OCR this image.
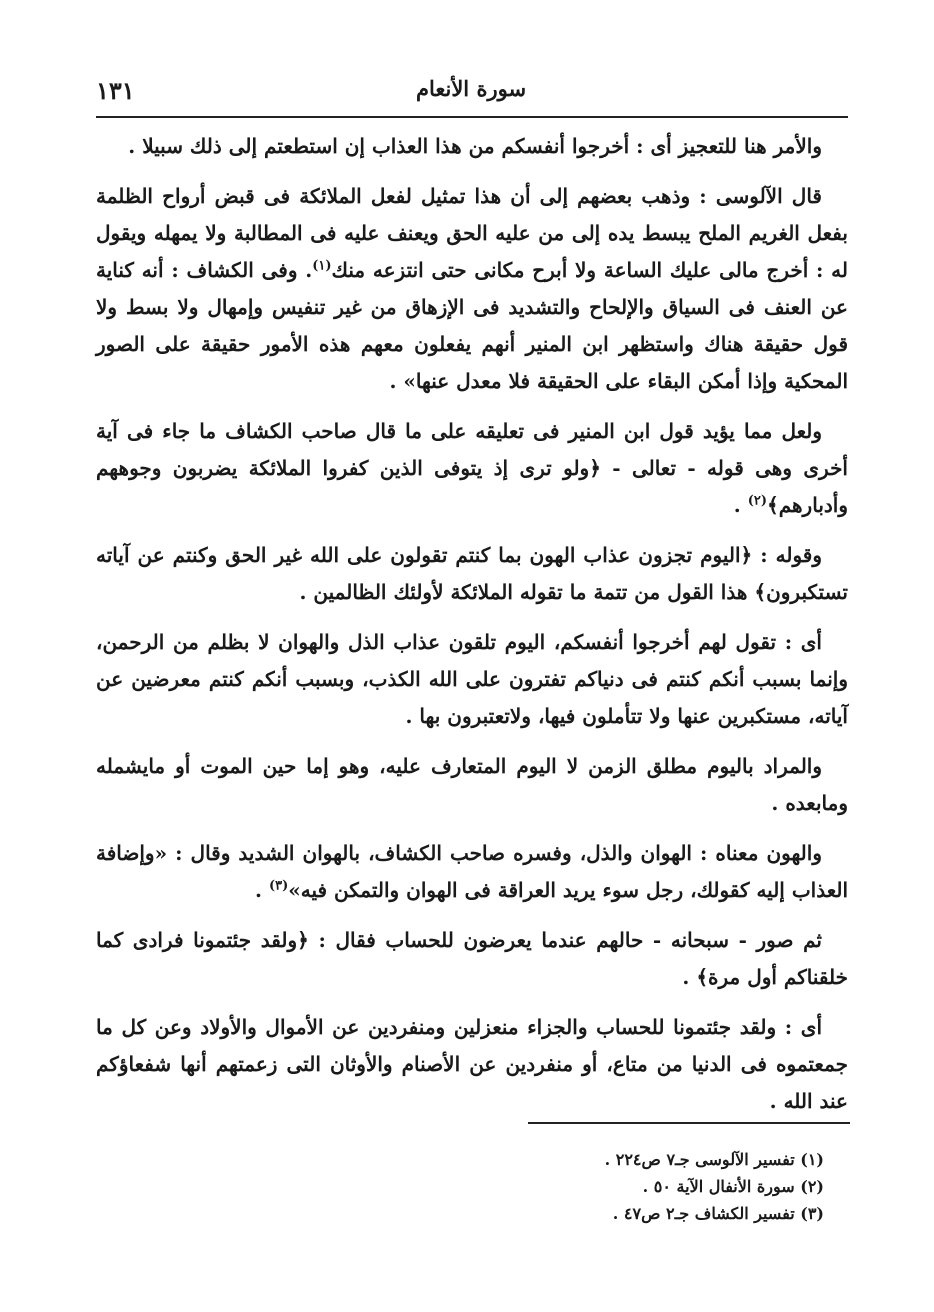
١٣١	سورة الأنعام

والأمر هنا للتعجيز أى : أخرجوا أنفسكم من هذا العذاب إن استطعتم إلى ذلك سبيلا .

قال الآلوسى : وذهب بعضهم إلى أن هذا تمثيل لفعل الملائكة فى قبض أرواح الظلمة بفعل الغريم الملح يبسط يده إلى من عليه الحق ويعنف عليه فى المطالبة ولا يمهله ويقول له : أخرج مالى عليك الساعة ولا أبرح مكانى حتى انتزعه منك$^{(١)}$. وفى الكشاف : أنه كناية عن العنف فى السياق والإلحاح والتشديد فى الإزهاق من غير تنفيس وإمهال ولا بسط ولا قول حقيقة هناك واستظهر ابن المنير أنهم يفعلون معهم هذه الأمور حقيقة على الصور المحكية وإذا أمكن البقاء على الحقيقة فلا معدل عنها» .

ولعل مما يؤيد قول ابن المنير فى تعليقه على ما قال صاحب الكشاف ما جاء فى آية أخرى وهى قوله - تعالى - ﴿ولو ترى إذ يتوفى الذين كفروا الملائكة يضربون وجوههم وأدبارهم﴾$^{(٢)}$ .

وقوله : ﴿اليوم تجزون عذاب الهون بما كنتم تقولون على الله غير الحق وكنتم عن آياته تستكبرون﴾ هذا القول من تتمة ما تقوله الملائكة لأولئك الظالمين .

أى : تقول لهم أخرجوا أنفسكم، اليوم تلقون عذاب الذل والهوان لا بظلم من الرحمن، وإنما بسبب أنكم كنتم فى دنياكم تفترون على الله الكذب، وبسبب أنكم كنتم معرضين عن آياته، مستكبرين عنها ولا تتأملون فيها، ولاتعتبرون بها .

والمراد باليوم مطلق الزمن لا اليوم المتعارف عليه، وهو إما حين الموت أو مايشمله ومابعده .

والهون معناه : الهوان والذل، وفسره صاحب الكشاف، بالهوان الشديد وقال : «وإضافة العذاب إليه كقولك، رجل سوء يريد العراقة فى الهوان والتمكن فيه»$^{(٣)}$ .

ثم صور - سبحانه - حالهم عندما يعرضون للحساب فقال : ﴿ولقد جئتمونا فرادى كما خلقناكم أول مرة﴾ .

أى : ولقد جئتمونا للحساب والجزاء منعزلين ومنفردين عن الأموال والأولاد وعن كل ما جمعتموه فى الدنيا من متاع، أو منفردين عن الأصنام والأوثان التى زعمتهم أنها شفعاؤكم عند الله .

(١) تفسير الآلوسى جـ٧ ص٢٢٤ .

(٢) سورة الأنفال الآية ٥٠ .

(٣) تفسير الكشاف جـ٢ ص٤٧ .
